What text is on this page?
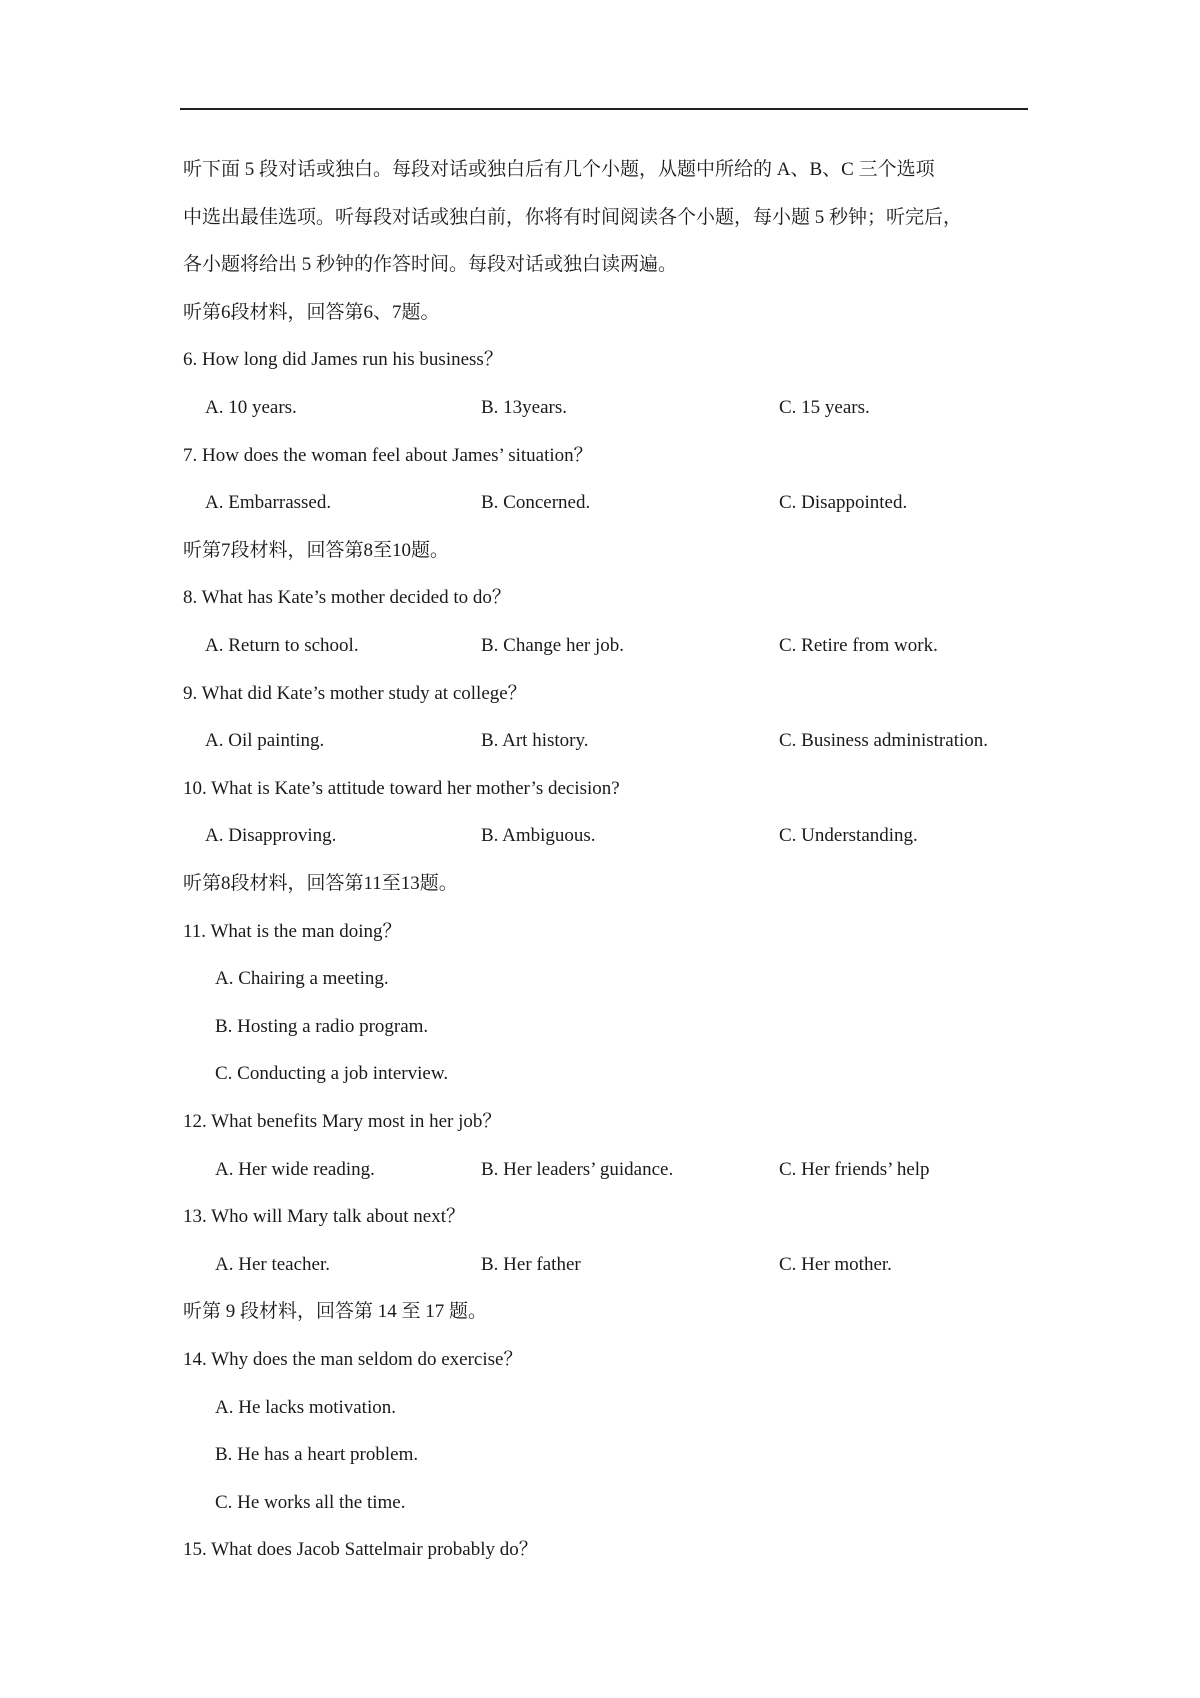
听下面 5 段对话或独白。每段对话或独白后有几个小题，从题中所给的 A、B、C 三个选项
中选出最佳选项。听每段对话或独白前，你将有时间阅读各个小题，每小题 5 秒钟；听完后，
各小题将给出 5 秒钟的作答时间。每段对话或独白读两遍。
听第6段材料，回答第6、7题。
6. How long did James run his business？
A. 10 years.	B. 13years.	C. 15 years.
7. How does the woman feel about James’ situation？
A. Embarrassed.	B. Concerned.	C. Disappointed.
听第7段材料，回答第8至10题。
8. What has Kate’s mother decided to do？
A. Return to school.	B. Change her job.	C. Retire from work.
9. What did Kate’s mother study at college？
A. Oil painting.	B. Art history.	C. Business administration.
10. What is Kate’s attitude toward her mother’s decision?
A. Disapproving.	B. Ambiguous.	C. Understanding.
听第8段材料，回答第11至13题。
11. What is the man doing？
A. Chairing a meeting.
B. Hosting a radio program.
C. Conducting a job interview.
12. What benefits Mary most in her job？
A. Her wide reading.	B. Her leaders’ guidance.	C. Her friends’ help
13. Who will Mary talk about next？
A. Her teacher.	B. Her father	C. Her mother.
听第 9 段材料，回答第 14 至 17 题。
14. Why does the man seldom do exercise？
A. He lacks motivation.
B. He has a heart problem.
C. He works all the time.
15. What does Jacob Sattelmair probably do？
